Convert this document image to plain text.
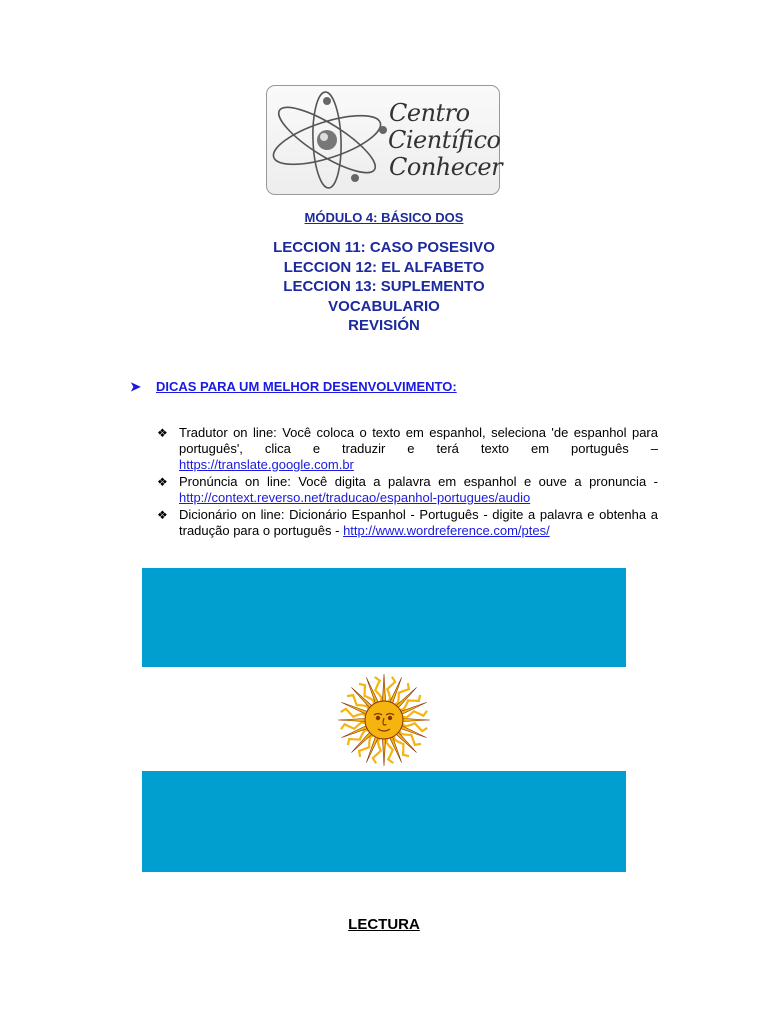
Centro
Científico
Conhecer
MÓDULO 4: BÁSICO DOS
LECCION 11: CASO POSESIVO
LECCION 12: EL ALFABETO
LECCION 13: SUPLEMENTO
VOCABULARIO
REVISIÓN
➤ DICAS PARA UM MELHOR DESENVOLVIMENTO:
❖ Tradutor on line: Você coloca o texto em espanhol, seleciona 'de espanhol para português', clica e traduzir e terá texto em português –https://translate.google.com.br
❖ Pronúncia on line: Você digita a palavra em espanhol e ouve a pronuncia - http://context.reverso.net/traducao/espanhol-portugues/audio
❖ Dicionário on line: Dicionário Espanhol - Português - digite a palavra e obtenha a tradução para o português - http://www.wordreference.com/ptes/
LECTURA
